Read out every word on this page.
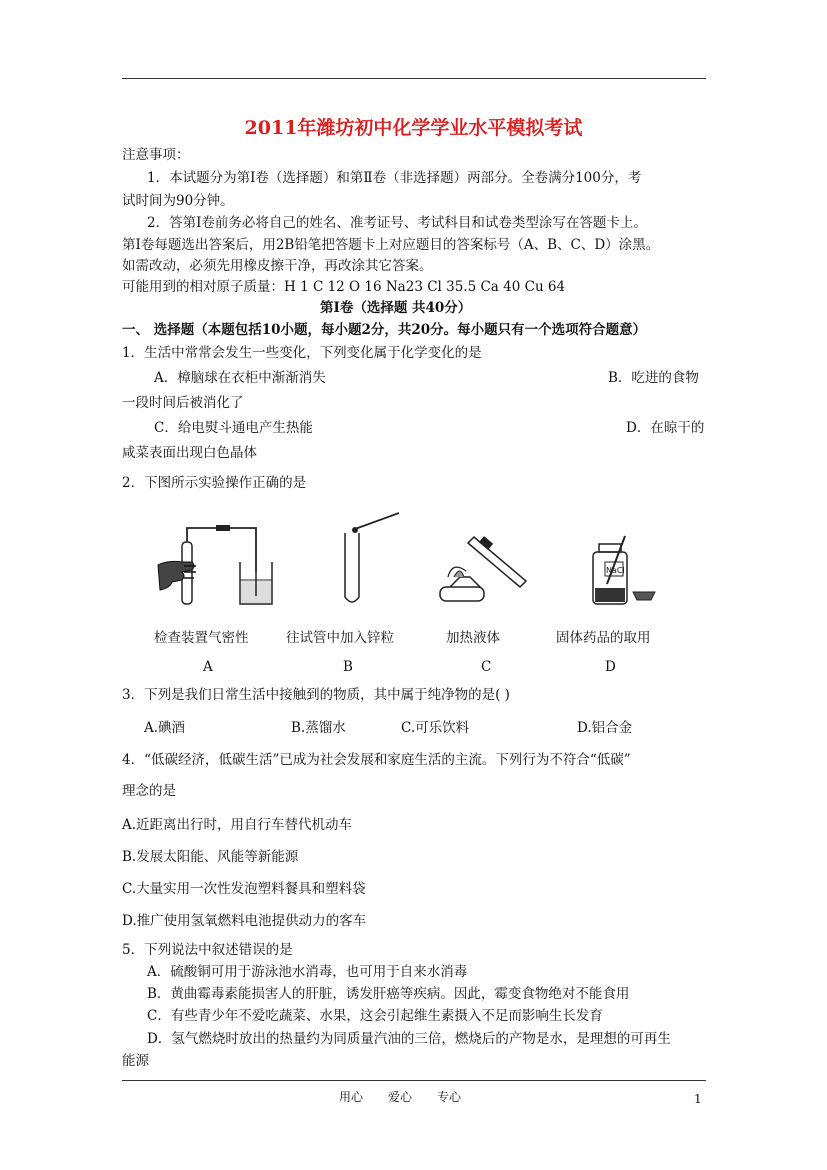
2011年潍坊初中化学学业水平模拟考试
注意事项：
1．本试题分为第Ⅰ卷（选择题）和第Ⅱ卷（非选择题）两部分。全卷满分100分，考
试时间为90分钟。
2．答第Ⅰ卷前务必将自己的姓名、准考证号、考试科目和试卷类型涂写在答题卡上。
第Ⅰ卷每题选出答案后，用2B铅笔把答题卡上对应题目的答案标号（A、B、C、D）涂黑。
如需改动，必须先用橡皮擦干净，再改涂其它答案。
可能用到的相对原子质量：H 1 C 12 O 16 Na23 Cl 35.5 Ca 40 Cu 64
第Ⅰ卷（选择题 共40分）
一、 选择题（本题包括10小题，每小题2分，共20分。每小题只有一个选项符合题意）
1．生活中常常会发生一些变化，下列变化属于化学变化的是
A．樟脑球在衣柜中渐渐消失	B．吃进的食物
一段时间后被消化了
C．给电熨斗通电产生热能	D．在晾干的
咸菜表面出现白色晶体
2．下图所示实验操作正确的是
NaCl
检查装置气密性	往试管中加入锌粒	加热液体	固体药品的取用
A	B	C	D
3．下列是我们日常生活中接触到的物质，其中属于纯净物的是( )
A.碘酒	B.蒸馏水	C.可乐饮料	D.铝合金
4．“低碳经济，低碳生活”已成为社会发展和家庭生活的主流。下列行为不符合“低碳”
理念的是
A.近距离出行时，用自行车替代机动车
B.发展太阳能、风能等新能源
C.大量实用一次性发泡塑料餐具和塑料袋
D.推广使用氢氧燃料电池提供动力的客车
5．下列说法中叙述错误的是
A．硫酸铜可用于游泳池水消毒，也可用于自来水消毒
B．黄曲霉毒素能损害人的肝脏，诱发肝癌等疾病。因此，霉变食物绝对不能食用
C．有些青少年不爱吃蔬菜、水果，这会引起维生素摄入不足而影响生长发育
D．氢气燃烧时放出的热量约为同质量汽油的三倍，燃烧后的产物是水，是理想的可再生
能源
用心 爱心 专心	1
